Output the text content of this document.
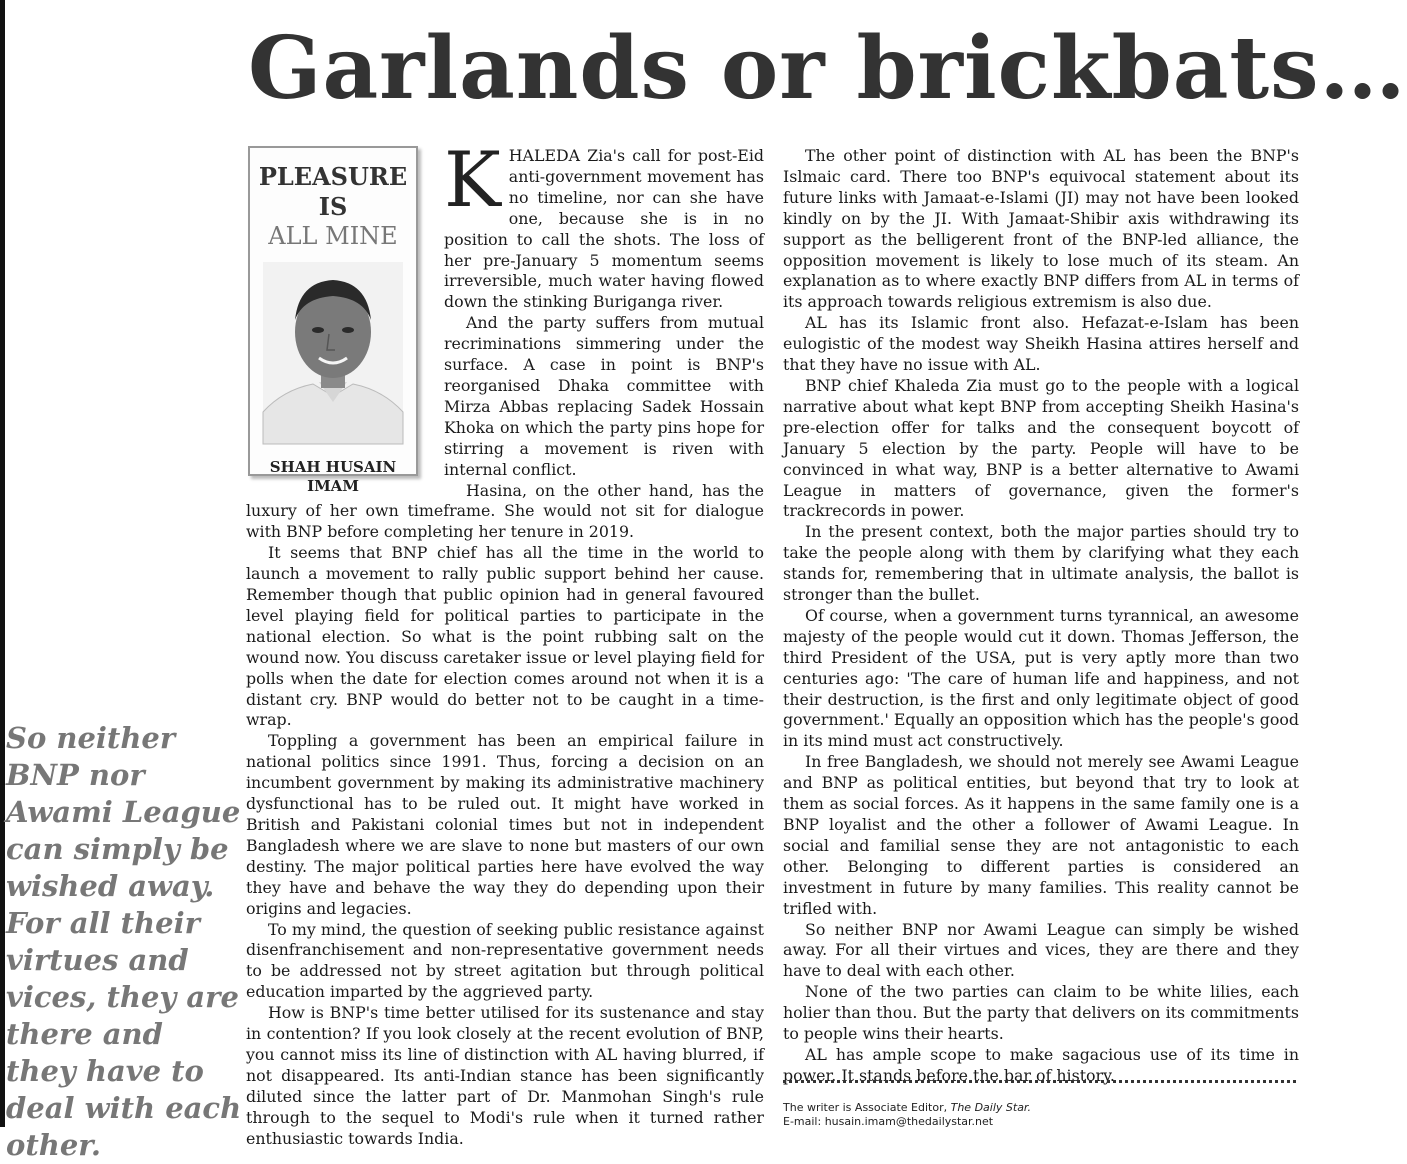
Garlands or brickbats…
So neither BNP nor Awami League can simply be wished away. For all their virtues and vices, they are there and they have to deal with each other.
PLEASURE IS
ALL MINE
SHAH HUSAIN
IMAM

KHALEDA Zia's call for post-Eid anti-government movement has no timeline, nor can she have one, because she is in no position to call the shots. The loss of her pre-January 5 momentum seems irreversible, much water having flowed down the stinking Buriganga river.

And the party suffers from mutual recriminations simmering under the surface. A case in point is BNP's reorganised Dhaka committee with Mirza Abbas replacing Sadek Hossain Khoka on which the party pins hope for stirring a movement is riven with internal conflict.

Hasina, on the other hand, has the luxury of her own timeframe. She would not sit for dialogue with BNP before completing her tenure in 2019.

It seems that BNP chief has all the time in the world to launch a movement to rally public support behind her cause. Remember though that public opinion had in general favoured level playing field for political parties to participate in the national election. So what is the point rubbing salt on the wound now. You discuss caretaker issue or level playing field for polls when the date for election comes around not when it is a distant cry. BNP would do better not to be caught in a time-wrap.

Toppling a government has been an empirical failure in national politics since 1991. Thus, forcing a decision on an incumbent government by making its administrative machinery dysfunctional has to be ruled out. It might have worked in British and Pakistani colonial times but not in independent Bangladesh where we are slave to none but masters of our own destiny. The major political parties here have evolved the way they have and behave the way they do depending upon their origins and legacies.

To my mind, the question of seeking public resistance against disenfranchisement and non-representative government needs to be addressed not by street agitation but through political education imparted by the aggrieved party.

How is BNP's time better utilised for its sustenance and stay in contention? If you look closely at the recent evolution of BNP, you cannot miss its line of distinction with AL having blurred, if not disappeared. Its anti-Indian stance has been significantly diluted since the latter part of Dr. Manmohan Singh's rule through to the sequel to Modi's rule when it turned rather enthusiastic towards India.

The other point of distinction with AL has been the BNP's Islmaic card. There too BNP's equivocal statement about its future links with Jamaat-e-Islami (JI) may not have been looked kindly on by the JI. With Jamaat-Shibir axis withdrawing its support as the belligerent front of the BNP-led alliance, the opposition movement is likely to lose much of its steam. An explanation as to where exactly BNP differs from AL in terms of its approach towards religious extremism is also due.

AL has its Islamic front also. Hefazat-e-Islam has been eulogistic of the modest way Sheikh Hasina attires herself and that they have no issue with AL.

BNP chief Khaleda Zia must go to the people with a logical narrative about what kept BNP from accepting Sheikh Hasina's pre-election offer for talks and the consequent boycott of January 5 election by the party. People will have to be convinced in what way, BNP is a better alternative to Awami League in matters of governance, given the former's trackrecords in power.

In the present context, both the major parties should try to take the people along with them by clarifying what they each stands for, remembering that in ultimate analysis, the ballot is stronger than the bullet.

Of course, when a government turns tyrannical, an awesome majesty of the people would cut it down. Thomas Jefferson, the third President of the USA, put is very aptly more than two centuries ago: 'The care of human life and happiness, and not their destruction, is the first and only legitimate object of good government.' Equally an opposition which has the people's good in its mind must act constructively.

In free Bangladesh, we should not merely see Awami League and BNP as political entities, but beyond that try to look at them as social forces. As it happens in the same family one is a BNP loyalist and the other a follower of Awami League. In social and familial sense they are not antagonistic to each other. Belonging to different parties is considered an investment in future by many families. This reality cannot be trifled with.

So neither BNP nor Awami League can simply be wished away. For all their virtues and vices, they are there and they have to deal with each other.

None of the two parties can claim to be white lilies, each holier than thou. But the party that delivers on its commitments to people wins their hearts.

AL has ample scope to make sagacious use of its time in power. It stands before the bar of history.

The writer is Associate Editor, The Daily Star.
E-mail: husain.imam@thedailystar.net
